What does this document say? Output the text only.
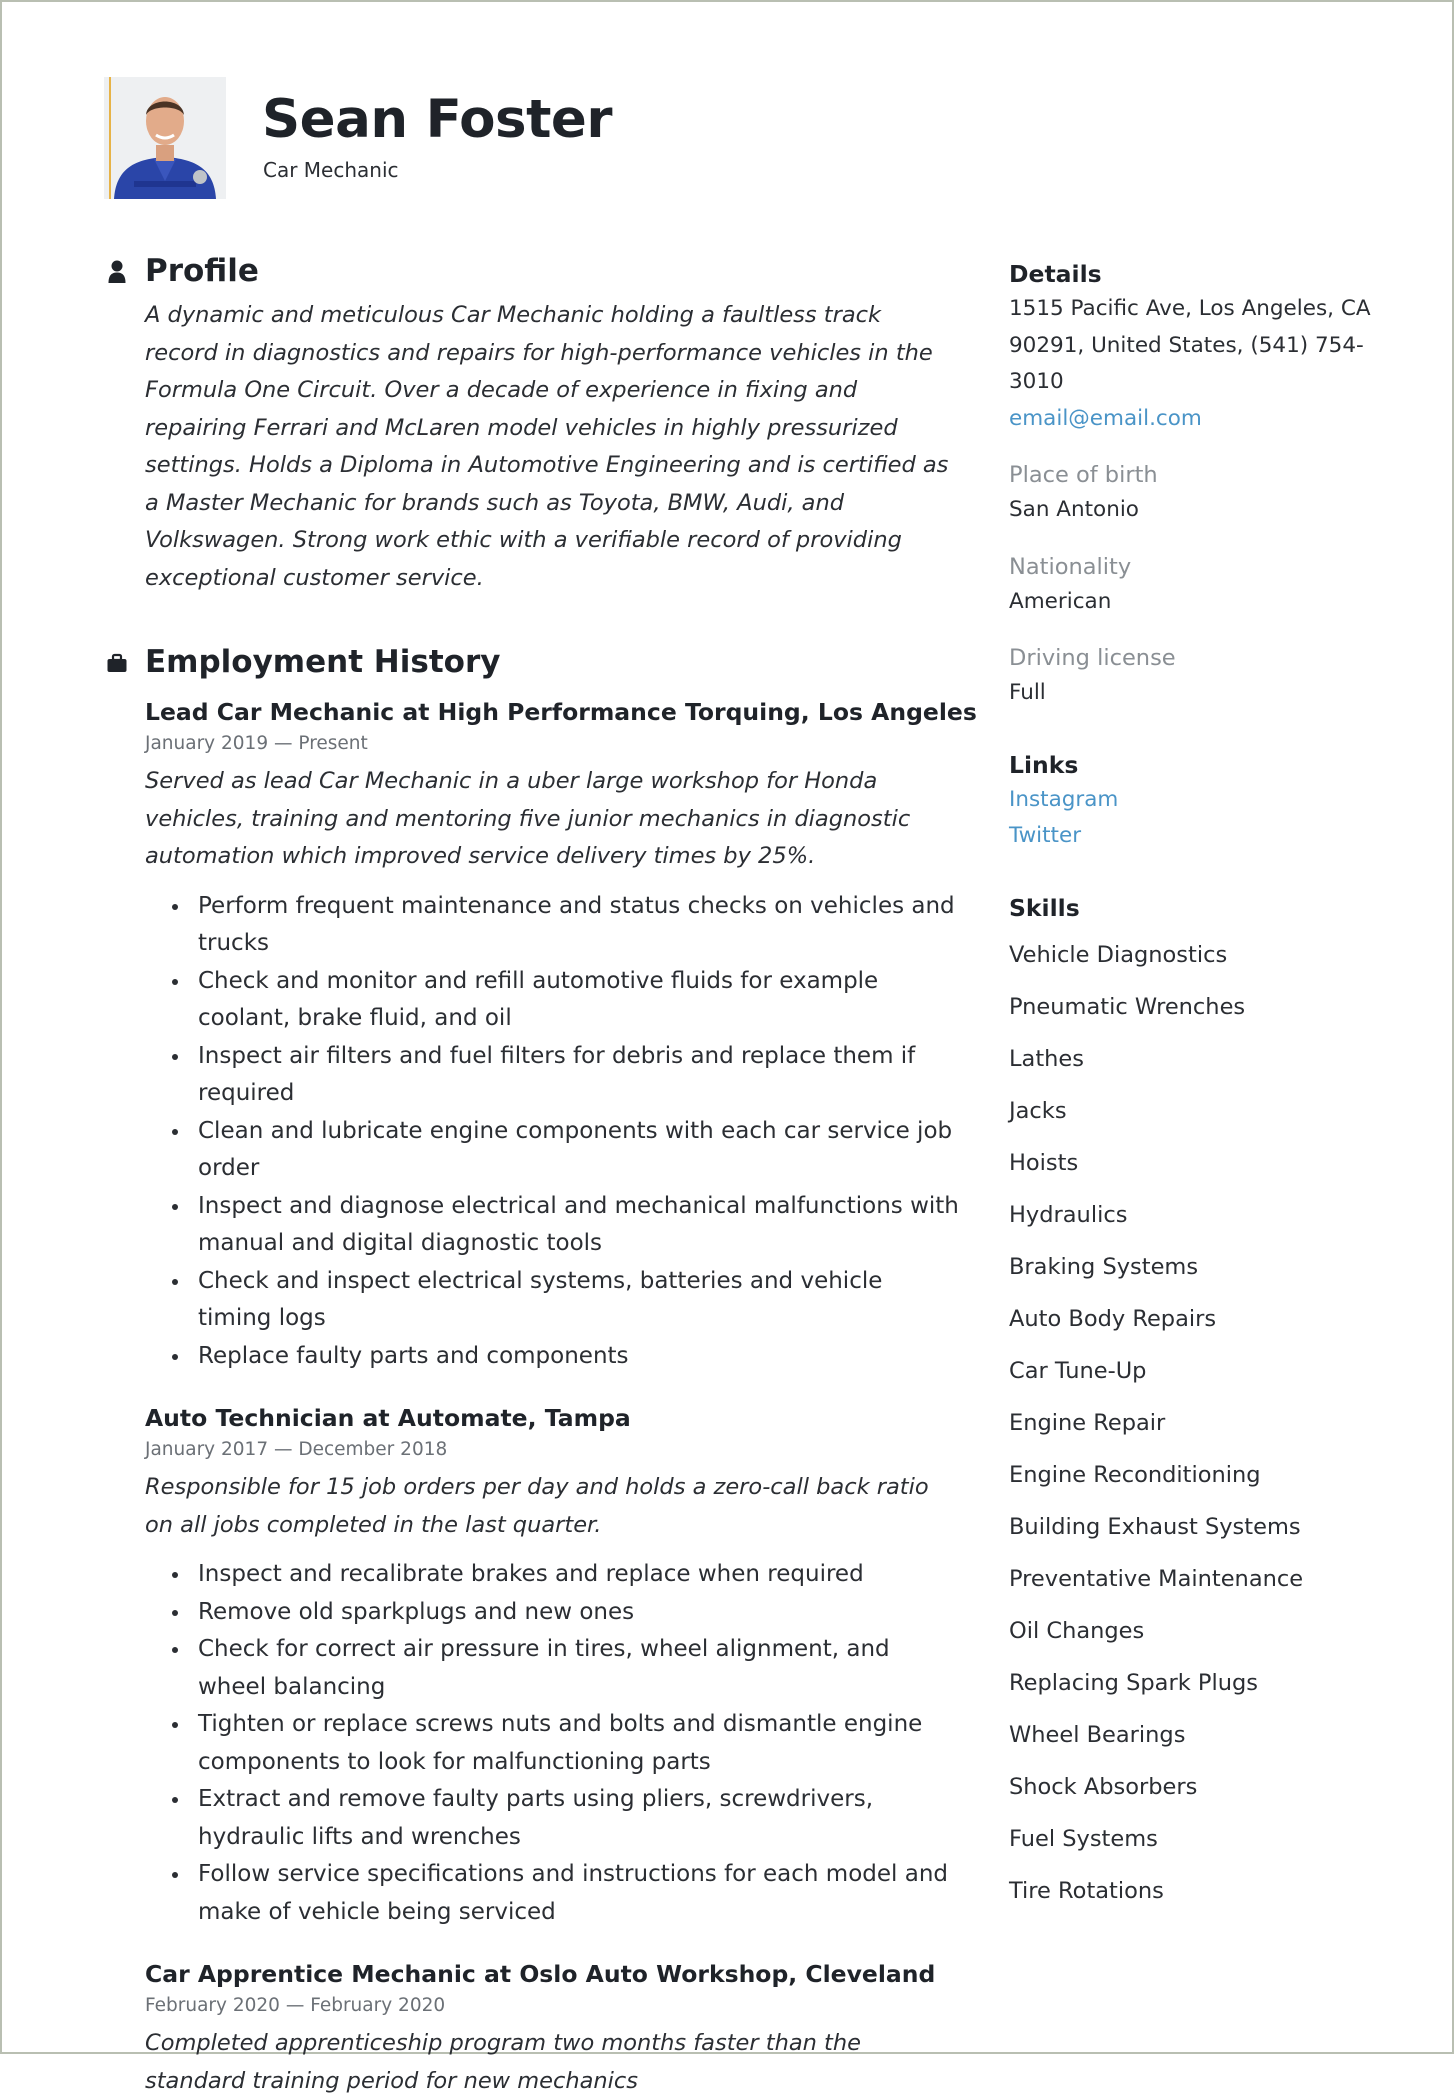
Sean Foster
Car Mechanic
Profile

A dynamic and meticulous Car Mechanic holding a faultless track record in diagnostics and repairs for high-performance vehicles in the Formula One Circuit. Over a decade of experience in fixing and repairing Ferrari and McLaren model vehicles in highly pressurized settings. Holds a Diploma in Automotive Engineering and is certified as a Master Mechanic for brands such as Toyota, BMW, Audi, and Volkswagen. Strong work ethic with a verifiable record of providing exceptional customer service.

Employment History
Lead Car Mechanic at High Performance Torquing, Los Angeles
January 2019 — Present

Served as lead Car Mechanic in a uber large workshop for Honda vehicles, training and mentoring five junior mechanics in diagnostic automation which improved service delivery times by 25%.

Perform frequent maintenance and status checks on vehicles and trucks
Check and monitor and refill automotive fluids for example coolant, brake fluid, and oil
Inspect air filters and fuel filters for debris and replace them if required
Clean and lubricate engine components with each car service job order
Inspect and diagnose electrical and mechanical malfunctions with manual and digital diagnostic tools
Check and inspect electrical systems, batteries and vehicle timing logs
Replace faulty parts and components
Auto Technician at Automate, Tampa
January 2017 — December 2018

Responsible for 15 job orders per day and holds a zero-call back ratio on all jobs completed in the last quarter.

Inspect and recalibrate brakes and replace when required
Remove old sparkplugs and new ones
Check for correct air pressure in tires, wheel alignment, and wheel balancing
Tighten or replace screws nuts and bolts and dismantle engine components to look for malfunctioning parts
Extract and remove faulty parts using pliers, screwdrivers, hydraulic lifts and wrenches
Follow service specifications and instructions for each model and make of vehicle being serviced
Car Apprentice Mechanic at Oslo Auto Workshop, Cleveland
February 2020 — February 2020

Completed apprenticeship program two months faster than the standard training period for new mechanics

Details
1515 Pacific Ave, Los Angeles, CA 90291, United States, (541) 754-3010
email@email.com
Place of birth
San Antonio
Nationality
American
Driving license
Full
Links
Instagram
Twitter
Skills
Vehicle Diagnostics
Pneumatic Wrenches
Lathes
Jacks
Hoists
Hydraulics
Braking Systems
Auto Body Repairs
Car Tune-Up
Engine Repair
Engine Reconditioning
Building Exhaust Systems
Preventative Maintenance
Oil Changes
Replacing Spark Plugs
Wheel Bearings
Shock Absorbers
Fuel Systems
Tire Rotations
